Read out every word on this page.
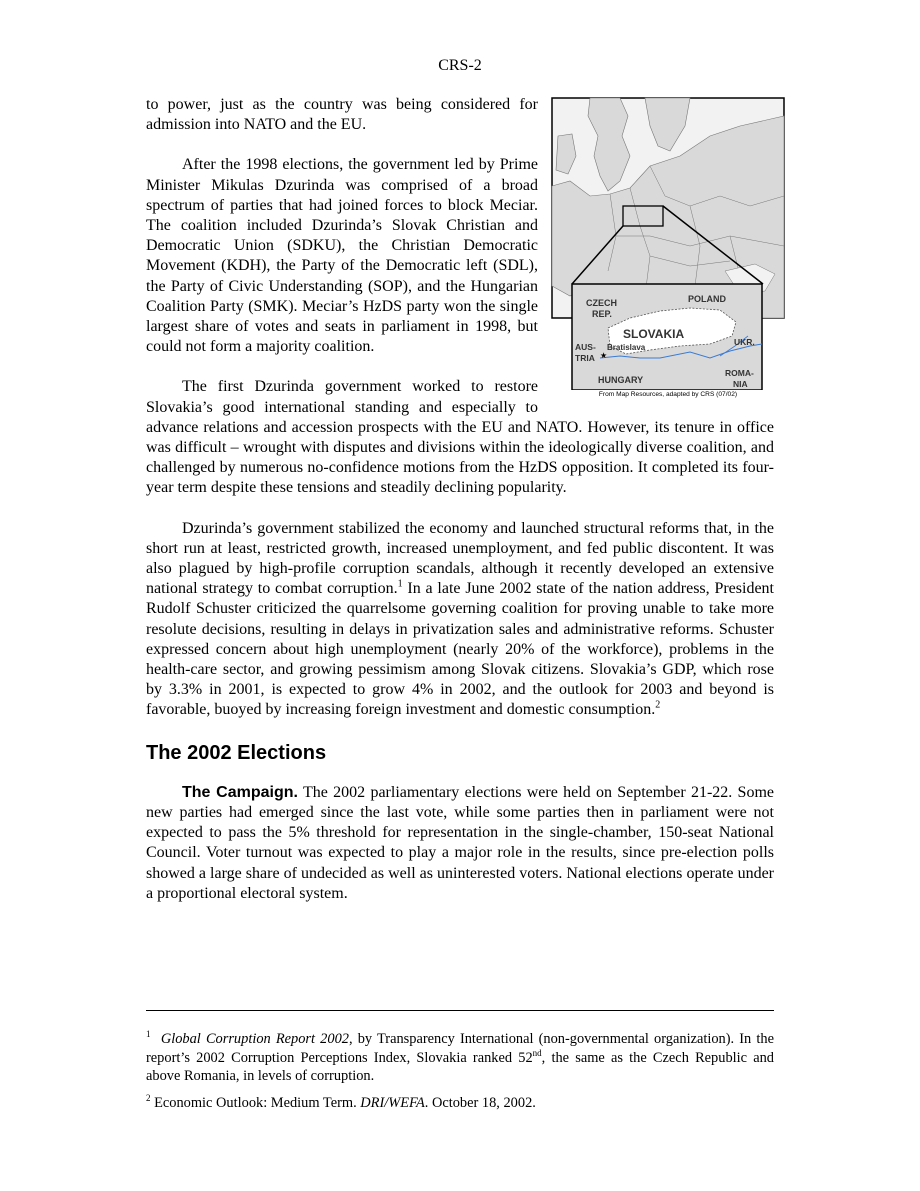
CRS-2
CZECH
REP.
POLAND
SLOVAKIA
UKR.
AUS-
TRIA ★
Bratislava
HUNGARY
ROMA-
NIA
From Map Resources, adapted by CRS (07/02)

to power, just as the country was being considered for admission into NATO and the EU.

After the 1998 elections, the government led by Prime Minister Mikulas Dzurinda was comprised of a broad spectrum of parties that had joined forces to block Meciar. The coalition included Dzurinda’s Slovak Christian and Democratic Union (SDKU), the Christian Democratic Movement (KDH), the Party of the Democratic left (SDL), the Party of Civic Understanding (SOP), and the Hungarian Coalition Party (SMK). Meciar’s HzDS party won the single largest share of votes and seats in parliament in 1998, but could not form a majority coalition.

The first Dzurinda government worked to restore Slovakia’s good international standing and especially to advance relations and accession prospects with the EU and NATO. However, its tenure in office was difficult – wrought with disputes and divisions within the ideologically diverse coalition, and challenged by numerous no-confidence motions from the HzDS opposition. It completed its four-year term despite these tensions and steadily declining popularity.

Dzurinda’s government stabilized the economy and launched structural reforms that, in the short run at least, restricted growth, increased unemployment, and fed public discontent. It was also plagued by high-profile corruption scandals, although it recently developed an extensive national strategy to combat corruption.$^1$ In a late June 2002 state of the nation address, President Rudolf Schuster criticized the quarrelsome governing coalition for proving unable to take more resolute decisions, resulting in delays in privatization sales and administrative reforms. Schuster expressed concern about high unemployment (nearly 20% of the workforce), problems in the health-care sector, and growing pessimism among Slovak citizens. Slovakia’s GDP, which rose by 3.3% in 2001, is expected to grow 4% in 2002, and the outlook for 2003 and beyond is favorable, buoyed by increasing foreign investment and domestic consumption.$^2$

The 2002 Elections

The Campaign. The 2002 parliamentary elections were held on September 21-22. Some new parties had emerged since the last vote, while some parties then in parliament were not expected to pass the 5% threshold for representation in the single-chamber, 150-seat National Council. Voter turnout was expected to play a major role in the results, since pre-election polls showed a large share of undecided as well as uninterested voters. National elections operate under a proportional electoral system.

$^1$ Global Corruption Report 2002, by Transparency International (non-governmental organization). In the report’s 2002 Corruption Perceptions Index, Slovakia ranked 52nd, the same as the Czech Republic and above Romania, in levels of corruption.

$^2$ Economic Outlook: Medium Term. DRI/WEFA. October 18, 2002.
